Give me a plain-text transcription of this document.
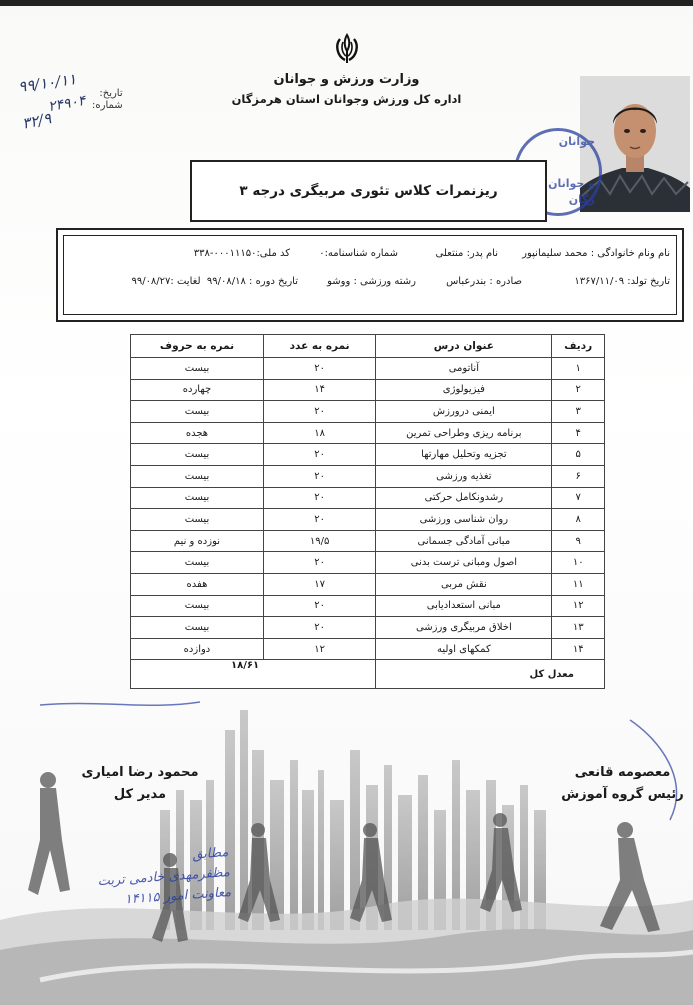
وزارت ورزش و جوانان
اداره کل ورزش وجوانان استان هرمزگان
۹۹/۱۰/۱۱
۲۴۹۰۴
۳۲/۹
تاریخ:
شماره:
جوانان
و جوانان
زگان
ریزنمرات کلاس تئوری مربیگری درجه ۳
نام ونام خانوادگی : محمد سلیمانپور
نام پدر: منتعلی
شماره شناسنامه:۰
کد ملی:۰۰۰۱۱۱۵۰-۳۳۸
تاریخ تولد: ۱۳۶۷/۱۱/۰۹
صادره : بندرعباس
رشته ورزشی : ووشو
تاریخ دوره : ۹۹/۰۸/۱۸  لغایت :۹۹/۰۸/۲۷
ردیف	عنوان درس	نمره به عدد	نمره به حروف
۱	آناتومی	۲۰	بیست
۲	فیزیولوژی	۱۴	چهارده
۳	ایمنی درورزش	۲۰	بیست
۴	برنامه ریزی وطراحی تمرین	۱۸	هجده
۵	تجزیه وتحلیل مهارتها	۲۰	بیست
۶	تغذیه ورزشی	۲۰	بیست
۷	رشدونکامل حرکتی	۲۰	بیست
۸	روان شناسی ورزشی	۲۰	بیست
۹	مبانی آمادگی جسمانی	۱۹/۵	نوزده و نیم
۱۰	اصول ومبانی ترست بدنی	۲۰	بیست
۱۱	نقش مربی	۱۷	هفده
۱۲	مبانی استعدادیابی	۲۰	بیست
۱۳	اخلاق مربیگری ورزشی	۲۰	بیست
۱۴	کمکهای اولیه	۱۲	دوازده
معدل کل		۱۸/۶۱	
محمود رضا امیاری
مدیر کل
معصومه قانعی
رئیس گروه آموزش
مطابق
مظفرمهدی خادمی تربت
معاونت امور ۱۴۱۱۵
